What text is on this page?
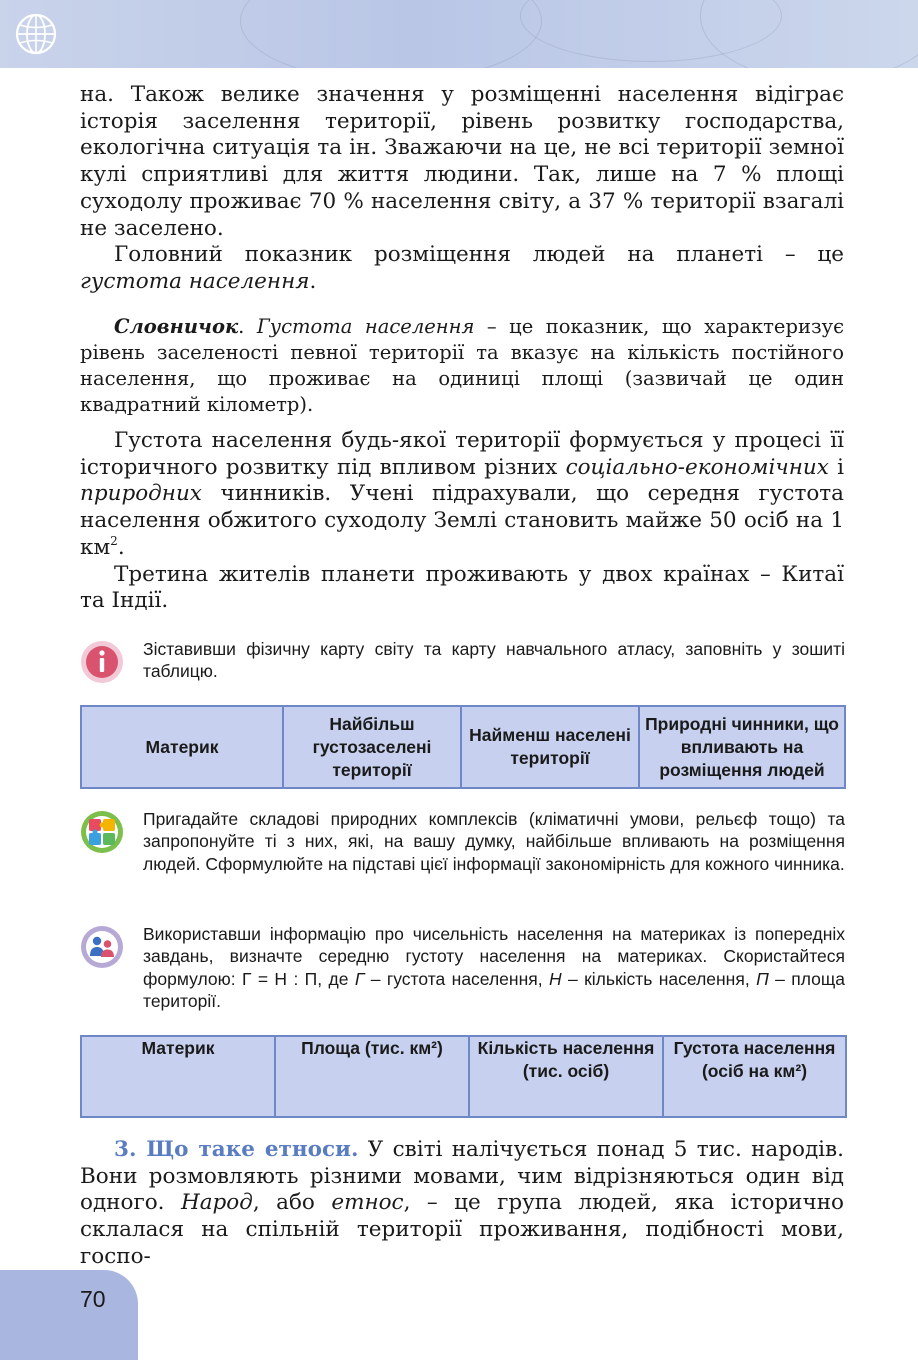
на. Також велике значення у розміщенні населення відіграє історія заселення території, рівень розвитку господарства, екологічна ситуація та ін. Зважаючи на це, не всі території земної кулі сприятливі для життя людини. Так, лише на 7 % площі суходолу проживає 70 % населення світу, а 37 % території взагалі не заселено.

Головний показник розміщення людей на планеті – це густота населення.

Словничок. Густота населення – це показник, що характеризує рівень заселеності певної території та вказує на кількість постійного населення, що проживає на одиниці площі (зазвичай це один квадратний кілометр).

Густота населення будь-якої території формується у процесі її історичного розвитку під впливом різних соціально-економічних і природних чинників. Учені підрахували, що середня густота населення обжитого суходолу Землі становить майже 50 осіб на 1 $км^2$.

Третина жителів планети проживають у двох країнах – Китаї та Індії.

Зіставивши фізичну карту світу та карту навчального атласу, заповніть у зошиті таблицю.

Материк	Найбільш густозаселені території	Найменш населені території	Природні чинники, що впливають на розміщення людей

Пригадайте складові природних комплексів (кліматичні умови, рельєф тощо) та запропонуйте ті з них, які, на вашу думку, найбільше впливають на розміщення людей. Сформулюйте на підставі цієї інформації закономірність для кожного чинника.

Використавши інформацію про чисельність населення на материках із попередніх завдань, визначте середню густоту населення на материках. Скористайтеся формулою: Г = Н : П, де Г – густота населення, Н – кількість населення, П – площа території.

Материк	Площа (тис. км²)	Кількість населення (тис. осіб)	Густота населення (осіб на км²)

3. Що таке етноси. У світі налічується понад 5 тис. народів. Вони розмовляють різними мовами, чим відрізняються один від одного. Народ, або етнос, – це група людей, яка історично склалася на спільній території проживання, подібності мови, госпо-

70
